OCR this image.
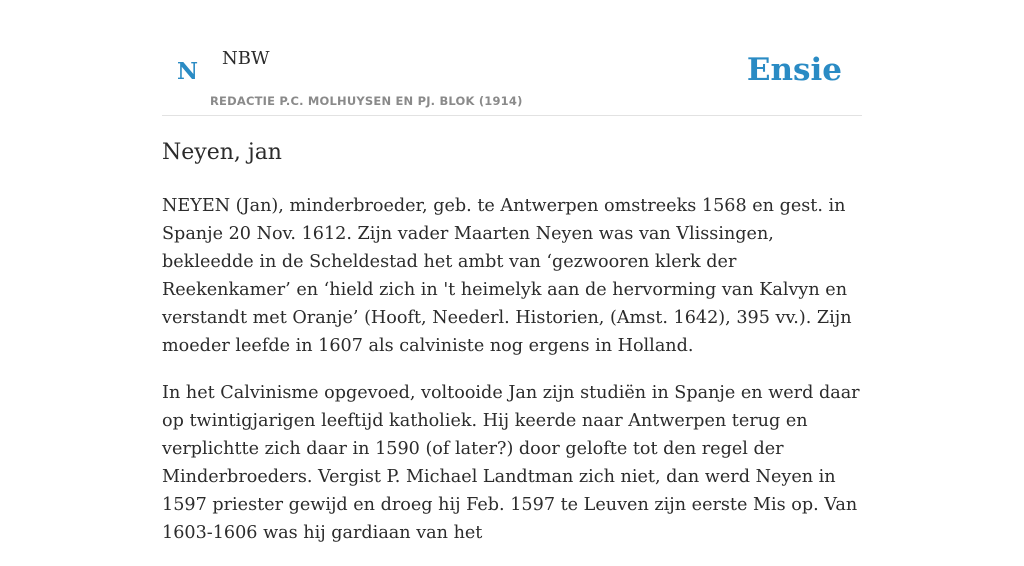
N NBW
REDACTIE P.C. MOLHUYSEN EN PJ. BLOK (1914)
Ensie
Neyen, jan

NEYEN (Jan), minderbroeder, geb. te Antwerpen omstreeks 1568 en gest. in Spanje 20 Nov. 1612. Zijn vader Maarten Neyen was van Vlissingen, bekleedde in de Scheldestad het ambt van ‘gezwooren klerk der Reekenkamer’ en ‘hield zich in 't heimelyk aan de hervorming van Kalvyn en verstandt met Oranje’ (Hooft, Neederl. Historien, (Amst. 1642), 395 vv.). Zijn moeder leefde in 1607 als calviniste nog ergens in Holland.

In het Calvinisme opgevoed, voltooide Jan zijn studiën in Spanje en werd daar op twintigjarigen leeftijd katholiek. Hij keerde naar Antwerpen terug en verplichtte zich daar in 1590 (of later?) door gelofte tot den regel der Minderbroeders. Vergist P. Michael Landtman zich niet, dan werd Neyen in 1597 priester gewijd en droeg hij Feb. 1597 te Leuven zijn eerste Mis op. Van 1603-1606 was hij gardiaan van het
